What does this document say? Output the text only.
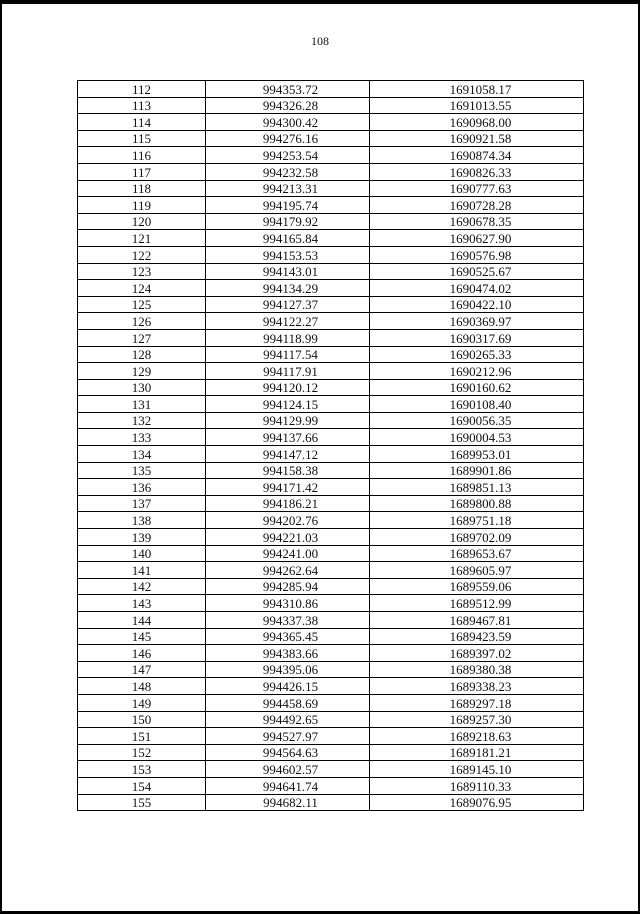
108
112	994353.72	1691058.17
113	994326.28	1691013.55
114	994300.42	1690968.00
115	994276.16	1690921.58
116	994253.54	1690874.34
117	994232.58	1690826.33
118	994213.31	1690777.63
119	994195.74	1690728.28
120	994179.92	1690678.35
121	994165.84	1690627.90
122	994153.53	1690576.98
123	994143.01	1690525.67
124	994134.29	1690474.02
125	994127.37	1690422.10
126	994122.27	1690369.97
127	994118.99	1690317.69
128	994117.54	1690265.33
129	994117.91	1690212.96
130	994120.12	1690160.62
131	994124.15	1690108.40
132	994129.99	1690056.35
133	994137.66	1690004.53
134	994147.12	1689953.01
135	994158.38	1689901.86
136	994171.42	1689851.13
137	994186.21	1689800.88
138	994202.76	1689751.18
139	994221.03	1689702.09
140	994241.00	1689653.67
141	994262.64	1689605.97
142	994285.94	1689559.06
143	994310.86	1689512.99
144	994337.38	1689467.81
145	994365.45	1689423.59
146	994383.66	1689397.02
147	994395.06	1689380.38
148	994426.15	1689338.23
149	994458.69	1689297.18
150	994492.65	1689257.30
151	994527.97	1689218.63
152	994564.63	1689181.21
153	994602.57	1689145.10
154	994641.74	1689110.33
155	994682.11	1689076.95
